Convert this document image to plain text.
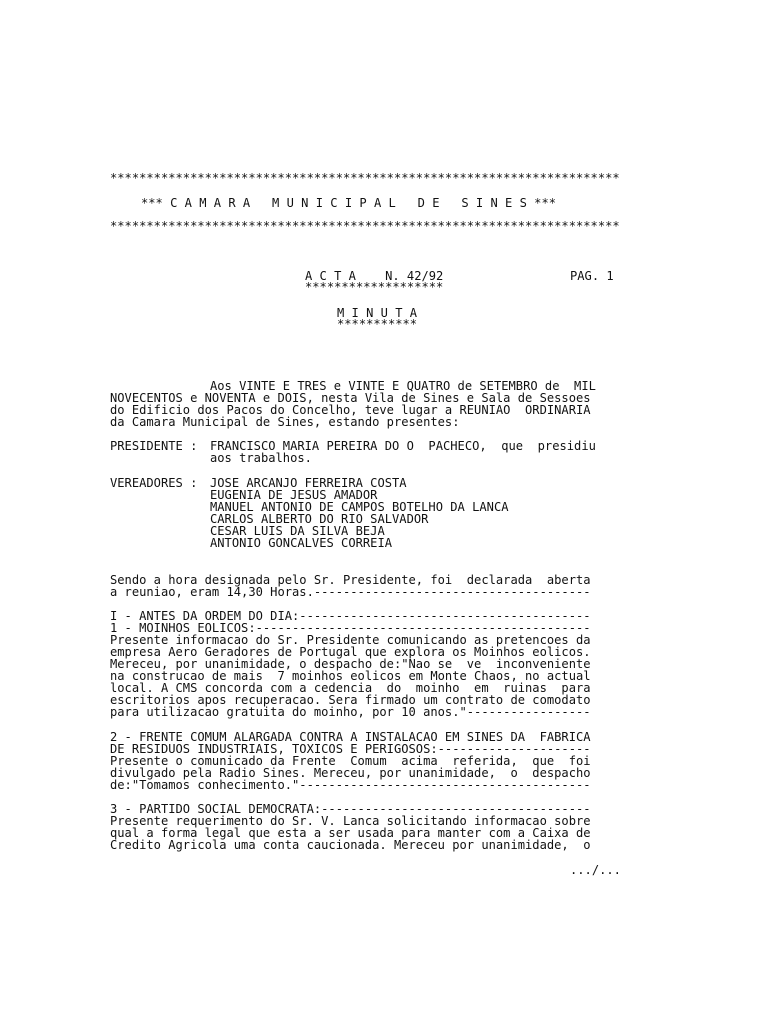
**********************************************************************
*** C A M A R A   M U N I C I P A L   D E   S I N E S ***
**********************************************************************
A C T A    N. 42/92
*******************
PAG. 1
M I N U T A
***********
Aos VINTE E TRES e VINTE E QUATRO de SETEMBRO de  MIL
NOVECENTOS e NOVENTA e DOIS, nesta Vila de Sines e Sala de Sessoes
do Edificio dos Pacos do Concelho, teve lugar a REUNIAO  ORDINARIA
da Camara Municipal de Sines, estando presentes:
PRESIDENTE : FRANCISCO MARIA PEREIRA DO O  PACHECO,  que  presidiu
aos trabalhos.
VEREADORES : JOSE ARCANJO FERREIRA COSTA
EUGENIA DE JESUS AMADOR
MANUEL ANTONIO DE CAMPOS BOTELHO DA LANCA
CARLOS ALBERTO DO RIO SALVADOR
CESAR LUIS DA SILVA BEJA
ANTONIO GONCALVES CORREIA
Sendo a hora designada pelo Sr. Presidente, foi  declarada  aberta
a reuniao, eram 14,30 Horas.--------------------------------------
I - ANTES DA ORDEM DO DIA:----------------------------------------
1 - MOINHOS EOLICOS:----------------------------------------------
Presente informacao do Sr. Presidente comunicando as pretencoes da
empresa Aero Geradores de Portugal que explora os Moinhos eolicos.
Mereceu, por unanimidade, o despacho de:"Nao se  ve  inconveniente
na construcao de mais  7 moinhos eolicos em Monte Chaos, no actual
local. A CMS concorda com a cedencia  do  moinho  em  ruinas  para
escritorios apos recuperacao. Sera firmado um contrato de comodato
para utilizacao gratuita do moinho, por 10 anos."-----------------
2 - FRENTE COMUM ALARGADA CONTRA A INSTALACAO EM SINES DA  FABRICA
DE RESIDUOS INDUSTRIAIS, TOXICOS E PERIGOSOS:---------------------
Presente o comunicado da Frente  Comum  acima  referida,  que  foi
divulgado pela Radio Sines. Mereceu, por unanimidade,  o  despacho
de:"Tomamos conhecimento."----------------------------------------
3 - PARTIDO SOCIAL DEMOCRATA:-------------------------------------
Presente requerimento do Sr. V. Lanca solicitando informacao sobre
qual a forma legal que esta a ser usada para manter com a Caixa de
Credito Agricola uma conta caucionada. Mereceu por unanimidade,  o
.../...
